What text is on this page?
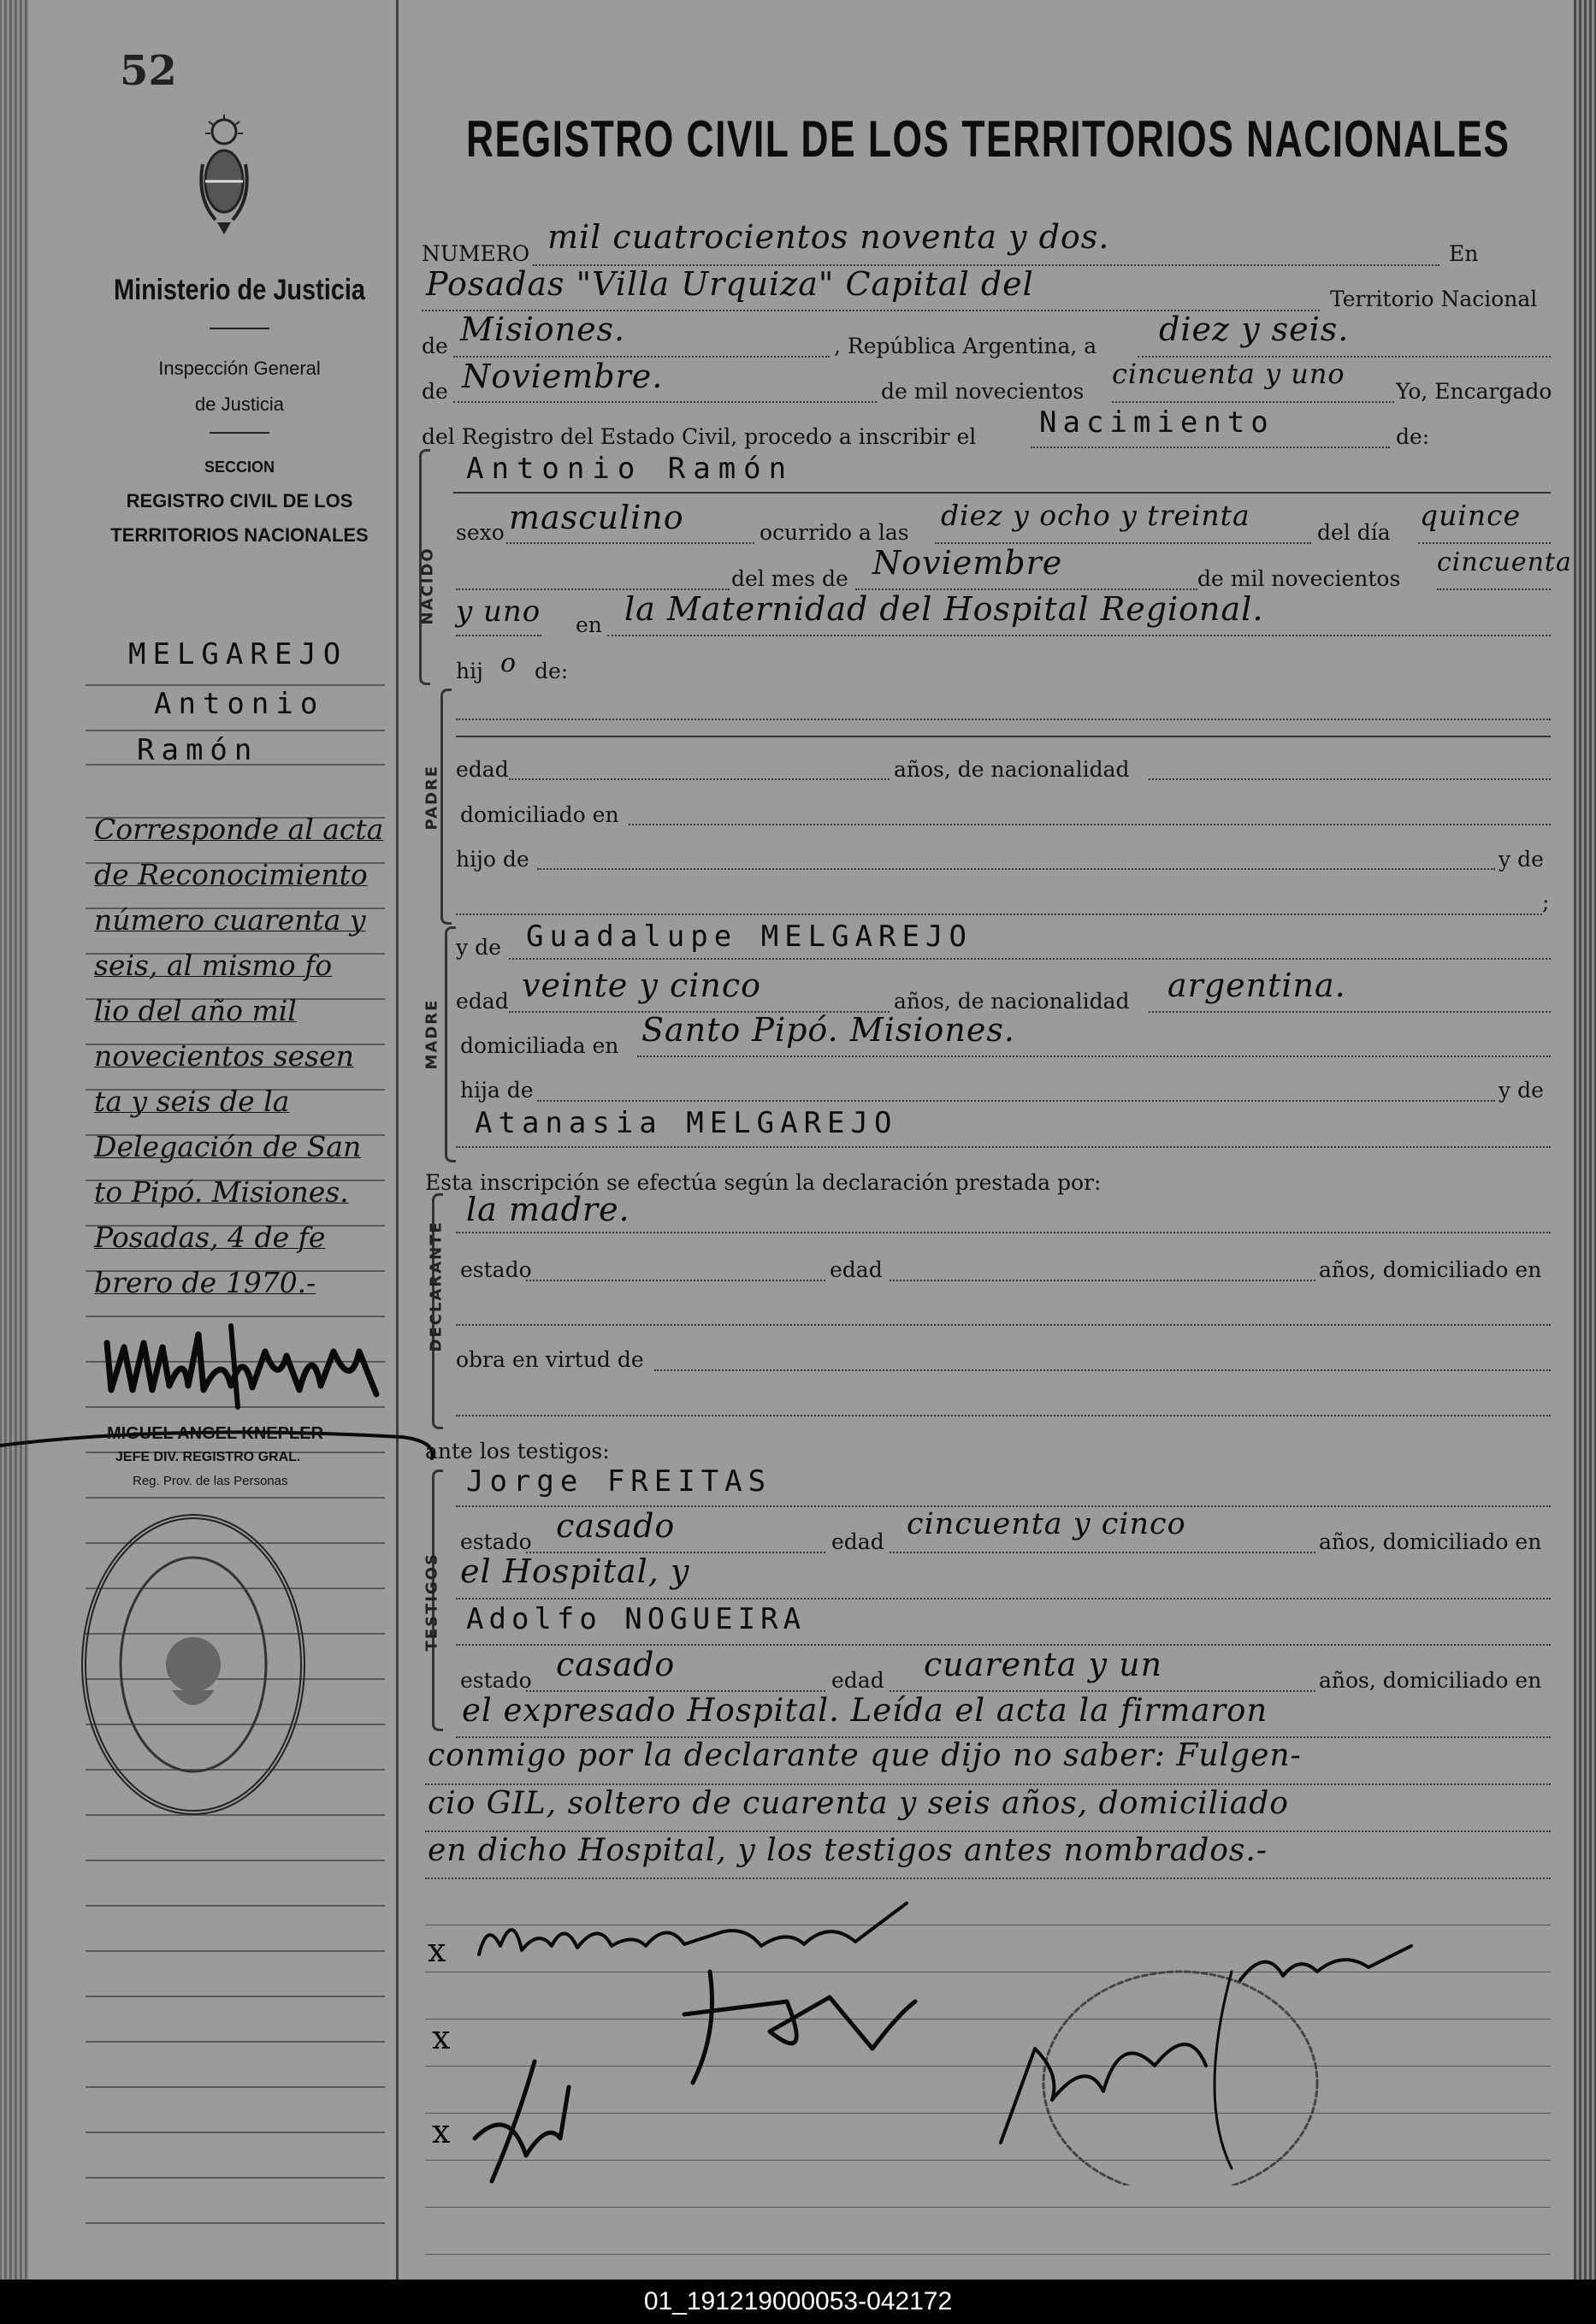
52
Ministerio de Justicia
Inspección General
de Justicia
SECCION
REGISTRO CIVIL DE LOS
TERRITORIOS NACIONALES
MELGAREJO
Antonio
Ramón
Corresponde al acta
de Reconocimiento
número cuarenta y
seis, al mismo fo
lio del año mil
novecientos sesen
ta y seis de la
Delegación de San
to Pipó. Misiones.
Posadas, 4 de fe
brero de 1970.-
MIGUEL ANGEL KNEPLER
JEFE DIV. REGISTRO GRAL.
Reg. Prov. de las Personas
REGISTRO CIVIL DE LOS TERRITORIOS NACIONALES
NUMERO mil cuatrocientos noventa y dos.	En
Posadas "Villa Urquiza" Capital del	Territorio Nacional
de Misiones.	, República Argentina, a diez y seis.
de Noviembre.	de mil novecientos
cincuenta y uno
Yo, Encargado
del Registro del Estado Civil, procedo a inscribir el Nacimiento	de:
NACIDO
Antonio Ramón
sexo masculino	ocurrido a las
diez y ocho y treinta
del día
quince
del mes de Noviembre	de mil novecientos
cincuenta
y uno en la Maternidad del Hospital Regional.
hij o de:
PADRE edad	años, de nacionalidad
domiciliado en
hijo de	y de
;
MADRE
y de Guadalupe MELGAREJO
edad veinte y cinco	años, de nacionalidad argentina.
domiciliada en Santo Pipó. Misiones.
hija de	y de
Atanasia MELGAREJO
Esta inscripción se efectúa según la declaración prestada por:
DECLARANTE
la madre.
estado	edad	años, domiciliado en
obra en virtud de
ante los testigos:
TESTIGOS
Jorge FREITAS
estado casado	edad
cincuenta y cinco
años, domiciliado en
el Hospital, y
Adolfo NOGUEIRA
estado casado	edad cuarenta y un	años, domiciliado en
el expresado Hospital. Leída el acta la firmaron
conmigo por la declarante que dijo no saber: Fulgen-
cio GIL, soltero de cuarenta y seis años, domiciliado
en dicho Hospital, y los testigos antes nombrados.-
x
x
x
01_191219000053-042172
